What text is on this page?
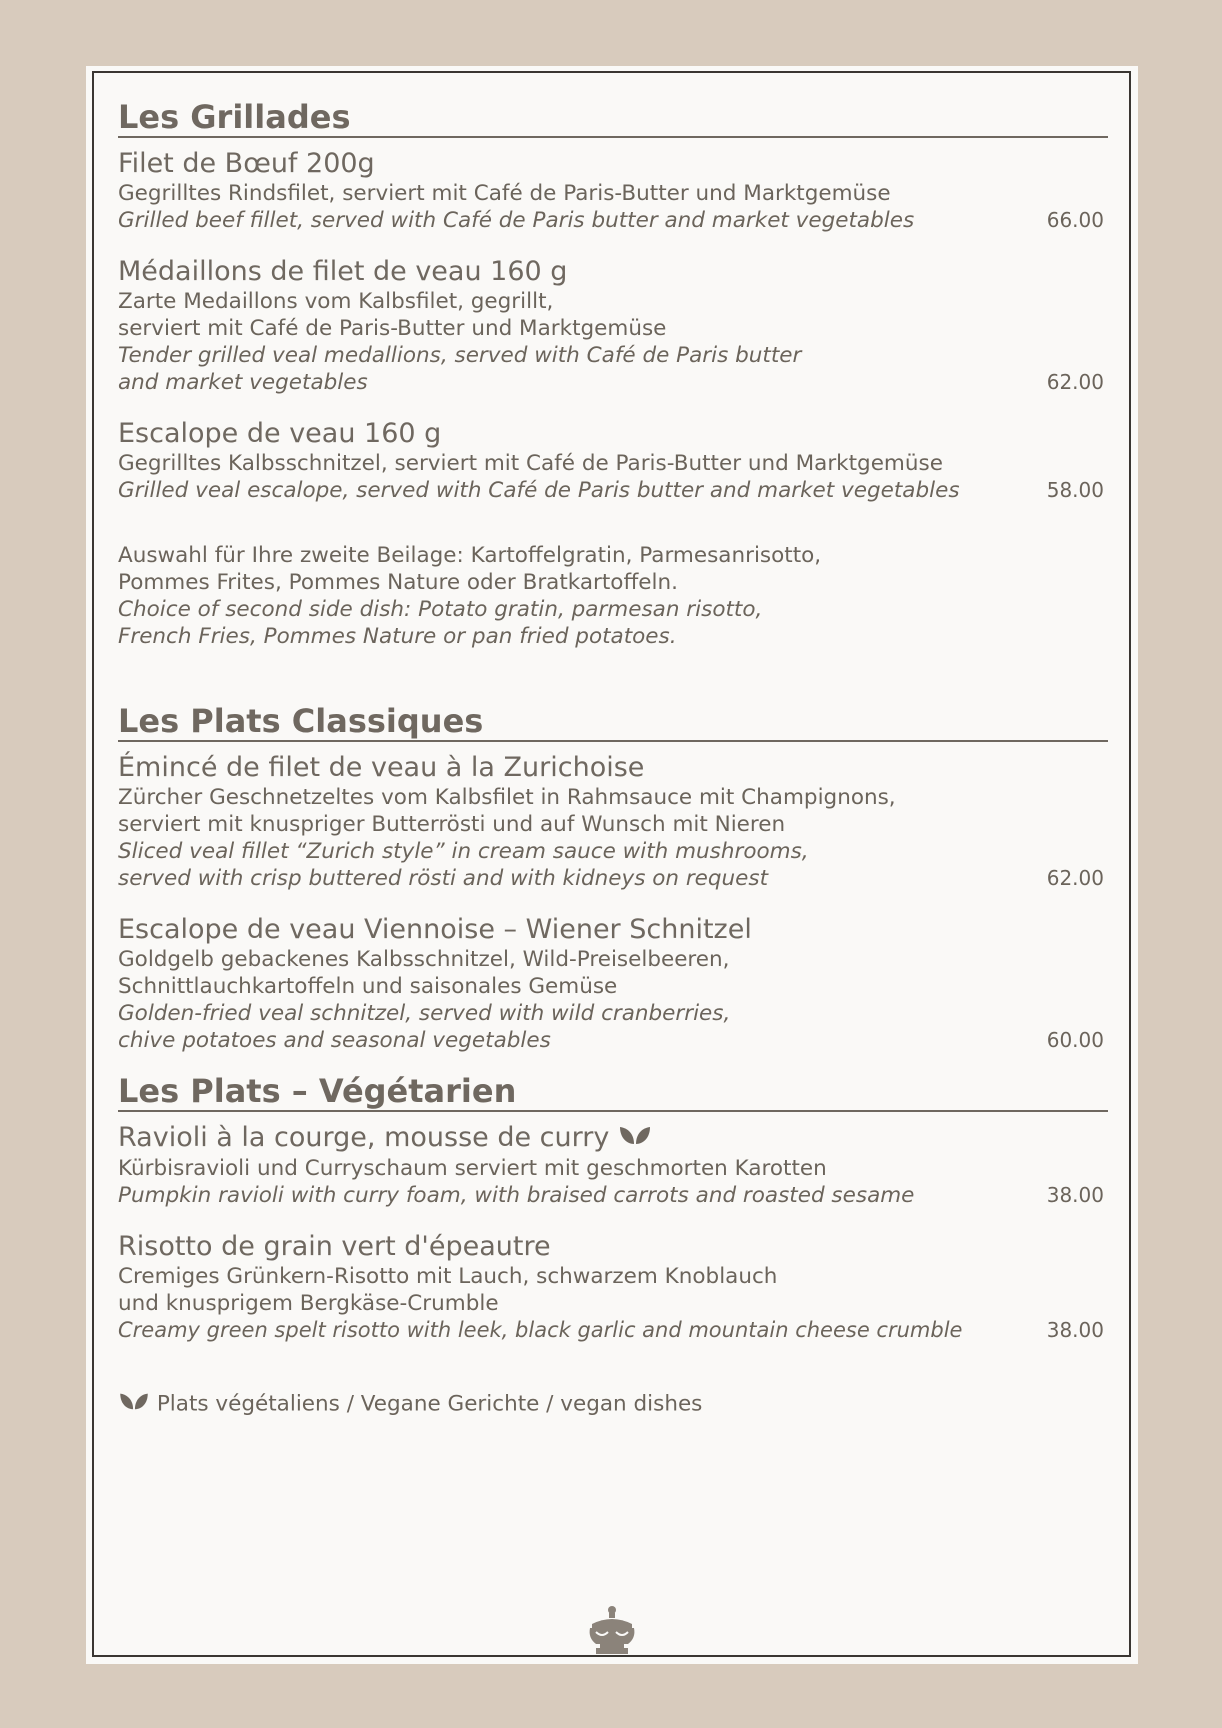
Les Grillades
Filet de Bœuf 200g
Gegrilltes Rindsfilet, serviert mit Café de Paris-Butter und Marktgemüse
Grilled beef fillet, served with Café de Paris butter and market vegetables	66.00
Médaillons de filet de veau 160 g
Zarte Medaillons vom Kalbsfilet, gegrillt,
serviert mit Café de Paris-Butter und Marktgemüse
Tender grilled veal medallions, served with Café de Paris butter
and market vegetables	62.00
Escalope de veau 160 g
Gegrilltes Kalbsschnitzel, serviert mit Café de Paris-Butter und Marktgemüse
Grilled veal escalope, served with Café de Paris butter and market vegetables	58.00
Auswahl für Ihre zweite Beilage: Kartoffelgratin, Parmesanrisotto,
Pommes Frites, Pommes Nature oder Bratkartoffeln.
Choice of second side dish: Potato gratin, parmesan risotto,
French Fries, Pommes Nature or pan fried potatoes.
Les Plats Classiques
Émincé de filet de veau à la Zurichoise
Zürcher Geschnetzeltes vom Kalbsfilet in Rahmsauce mit Champignons,
serviert mit knuspriger Butterrösti und auf Wunsch mit Nieren
Sliced veal fillet “Zurich style” in cream sauce with mushrooms,
served with crisp buttered rösti and with kidneys on request	62.00
Escalope de veau Viennoise – Wiener Schnitzel
Goldgelb gebackenes Kalbsschnitzel, Wild-Preiselbeeren,
Schnittlauchkartoffeln und saisonales Gemüse
Golden-fried veal schnitzel, served with wild cranberries,
chive potatoes and seasonal vegetables	60.00
Les Plats – Végétarien
Ravioli à la courge, mousse de curry
Kürbisravioli und Curryschaum serviert mit geschmorten Karotten
Pumpkin ravioli with curry foam, with braised carrots and roasted sesame	38.00
Risotto de grain vert d'épeautre
Cremiges Grünkern-Risotto mit Lauch, schwarzem Knoblauch
und knusprigem Bergkäse-Crumble
Creamy green spelt risotto with leek, black garlic and mountain cheese crumble	38.00
Plats végétaliens / Vegane Gerichte / vegan dishes
